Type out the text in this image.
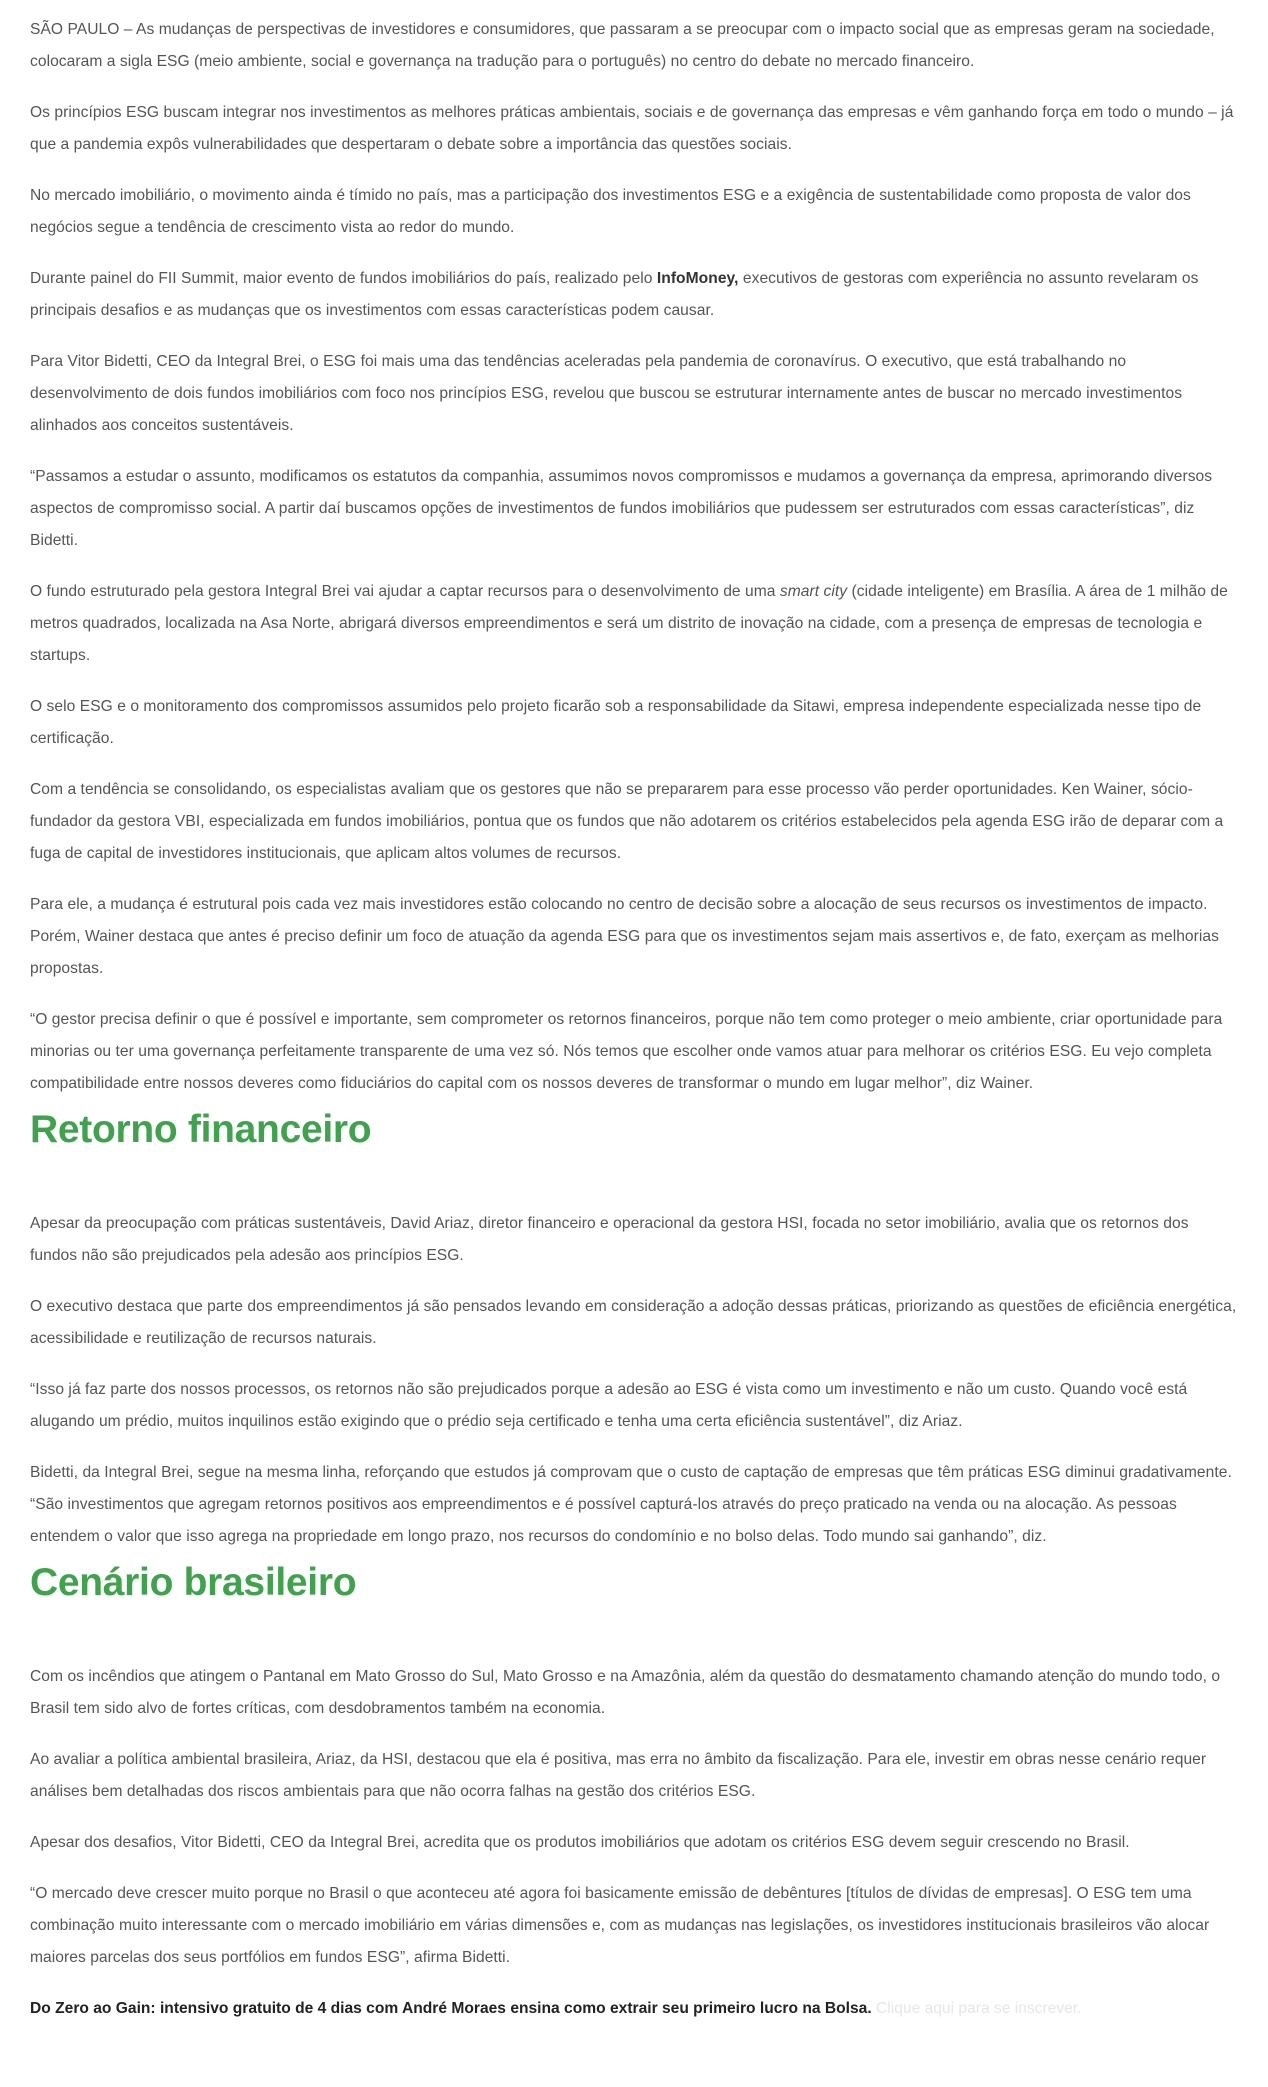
SÃO PAULO – As mudanças de perspectivas de investidores e consumidores, que passaram a se preocupar com o impacto social que as empresas geram na sociedade, colocaram a sigla ESG (meio ambiente, social e governança na tradução para o português) no centro do debate no mercado financeiro.

Os princípios ESG buscam integrar nos investimentos as melhores práticas ambientais, sociais e de governança das empresas e vêm ganhando força em todo o mundo – já que a pandemia expôs vulnerabilidades que despertaram o debate sobre a importância das questões sociais.

No mercado imobiliário, o movimento ainda é tímido no país, mas a participação dos investimentos ESG e a exigência de sustentabilidade como proposta de valor dos negócios segue a tendência de crescimento vista ao redor do mundo.

Durante painel do FII Summit, maior evento de fundos imobiliários do país, realizado pelo InfoMoney, executivos de gestoras com experiência no assunto revelaram os principais desafios e as mudanças que os investimentos com essas características podem causar.

Para Vitor Bidetti, CEO da Integral Brei, o ESG foi mais uma das tendências aceleradas pela pandemia de coronavírus. O executivo, que está trabalhando no desenvolvimento de dois fundos imobiliários com foco nos princípios ESG, revelou que buscou se estruturar internamente antes de buscar no mercado investimentos alinhados aos conceitos sustentáveis.

“Passamos a estudar o assunto, modificamos os estatutos da companhia, assumimos novos compromissos e mudamos a governança da empresa, aprimorando diversos aspectos de compromisso social. A partir daí buscamos opções de investimentos de fundos imobiliários que pudessem ser estruturados com essas características”, diz Bidetti.

O fundo estruturado pela gestora Integral Brei vai ajudar a captar recursos para o desenvolvimento de uma smart city (cidade inteligente) em Brasília. A área de 1 milhão de metros quadrados, localizada na Asa Norte, abrigará diversos empreendimentos e será um distrito de inovação na cidade, com a presença de empresas de tecnologia e startups.

O selo ESG e o monitoramento dos compromissos assumidos pelo projeto ficarão sob a responsabilidade da Sitawi, empresa independente especializada nesse tipo de certificação.

Com a tendência se consolidando, os especialistas avaliam que os gestores que não se prepararem para esse processo vão perder oportunidades. Ken Wainer, sócio-fundador da gestora VBI, especializada em fundos imobiliários, pontua que os fundos que não adotarem os critérios estabelecidos pela agenda ESG irão de deparar com a fuga de capital de investidores institucionais, que aplicam altos volumes de recursos.

Para ele, a mudança é estrutural pois cada vez mais investidores estão colocando no centro de decisão sobre a alocação de seus recursos os investimentos de impacto. Porém, Wainer destaca que antes é preciso definir um foco de atuação da agenda ESG para que os investimentos sejam mais assertivos e, de fato, exerçam as melhorias propostas.

“O gestor precisa definir o que é possível e importante, sem comprometer os retornos financeiros, porque não tem como proteger o meio ambiente, criar oportunidade para minorias ou ter uma governança perfeitamente transparente de uma vez só. Nós temos que escolher onde vamos atuar para melhorar os critérios ESG. Eu vejo completa compatibilidade entre nossos deveres como fiduciários do capital com os nossos deveres de transformar o mundo em lugar melhor”, diz Wainer.

Retorno financeiro

Apesar da preocupação com práticas sustentáveis, David Ariaz, diretor financeiro e operacional da gestora HSI, focada no setor imobiliário, avalia que os retornos dos fundos não são prejudicados pela adesão aos princípios ESG.

O executivo destaca que parte dos empreendimentos já são pensados levando em consideração a adoção dessas práticas, priorizando as questões de eficiência energética, acessibilidade e reutilização de recursos naturais.

“Isso já faz parte dos nossos processos, os retornos não são prejudicados porque a adesão ao ESG é vista como um investimento e não um custo. Quando você está alugando um prédio, muitos inquilinos estão exigindo que o prédio seja certificado e tenha uma certa eficiência sustentável”, diz Ariaz.

Bidetti, da Integral Brei, segue na mesma linha, reforçando que estudos já comprovam que o custo de captação de empresas que têm práticas ESG diminui gradativamente. “São investimentos que agregam retornos positivos aos empreendimentos e é possível capturá-los através do preço praticado na venda ou na alocação. As pessoas entendem o valor que isso agrega na propriedade em longo prazo, nos recursos do condomínio e no bolso delas. Todo mundo sai ganhando”, diz.

Cenário brasileiro

Com os incêndios que atingem o Pantanal em Mato Grosso do Sul, Mato Grosso e na Amazônia, além da questão do desmatamento chamando atenção do mundo todo, o Brasil tem sido alvo de fortes críticas, com desdobramentos também na economia.

Ao avaliar a política ambiental brasileira, Ariaz, da HSI, destacou que ela é positiva, mas erra no âmbito da fiscalização. Para ele, investir em obras nesse cenário requer análises bem detalhadas dos riscos ambientais para que não ocorra falhas na gestão dos critérios ESG.

Apesar dos desafios, Vitor Bidetti, CEO da Integral Brei, acredita que os produtos imobiliários que adotam os critérios ESG devem seguir crescendo no Brasil.

“O mercado deve crescer muito porque no Brasil o que aconteceu até agora foi basicamente emissão de debêntures [títulos de dívidas de empresas]. O ESG tem uma combinação muito interessante com o mercado imobiliário em várias dimensões e, com as mudanças nas legislações, os investidores institucionais brasileiros vão alocar maiores parcelas dos seus portfólios em fundos ESG”, afirma Bidetti.

Do Zero ao Gain: intensivo gratuito de 4 dias com André Moraes ensina como extrair seu primeiro lucro na Bolsa. Clique aqui para se inscrever.
